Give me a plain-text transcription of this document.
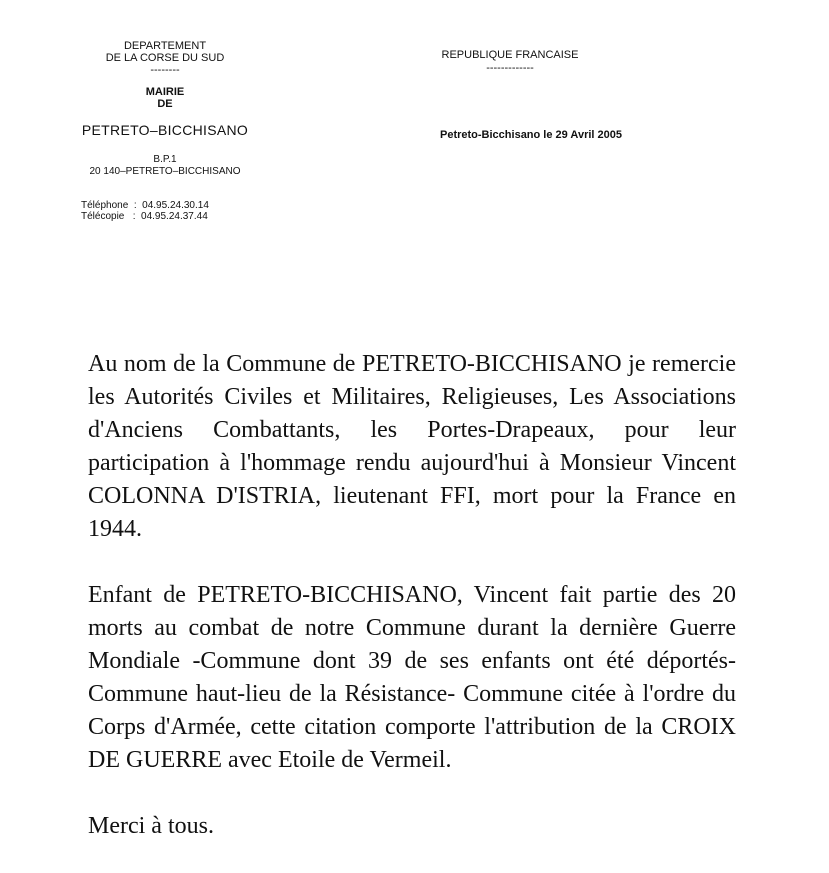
DEPARTEMENT
DE LA CORSE DU SUD
--------
MAIRIE
DE
PETRETO–BICCHISANO
B.P.1
20 140–PETRETO–BICCHISANO
Téléphone  :  04.95.24.30.14
Télécopie   :  04.95.24.37.44
REPUBLIQUE FRANCAISE
-------------
Petreto-Bicchisano le 29 Avril 2005

Au nom de la Commune de PETRETO-BICCHISANO je remercie les Autorités Civiles et Militaires, Religieuses, Les Associations d'Anciens Combattants, les Portes-Drapeaux, pour leur participation à l'hommage rendu aujourd'hui à Monsieur Vincent COLONNA D'ISTRIA, lieutenant FFI, mort pour la France en 1944.

Enfant de PETRETO-BICCHISANO, Vincent fait partie des 20 morts au combat de notre Commune durant la dernière Guerre Mondiale -Commune dont 39 de ses enfants ont été déportés- Commune haut-lieu de la Résistance- Commune citée à l'ordre du Corps d'Armée, cette citation comporte l'attribution de la CROIX DE GUERRE avec Etoile de Vermeil.

Merci à tous.
